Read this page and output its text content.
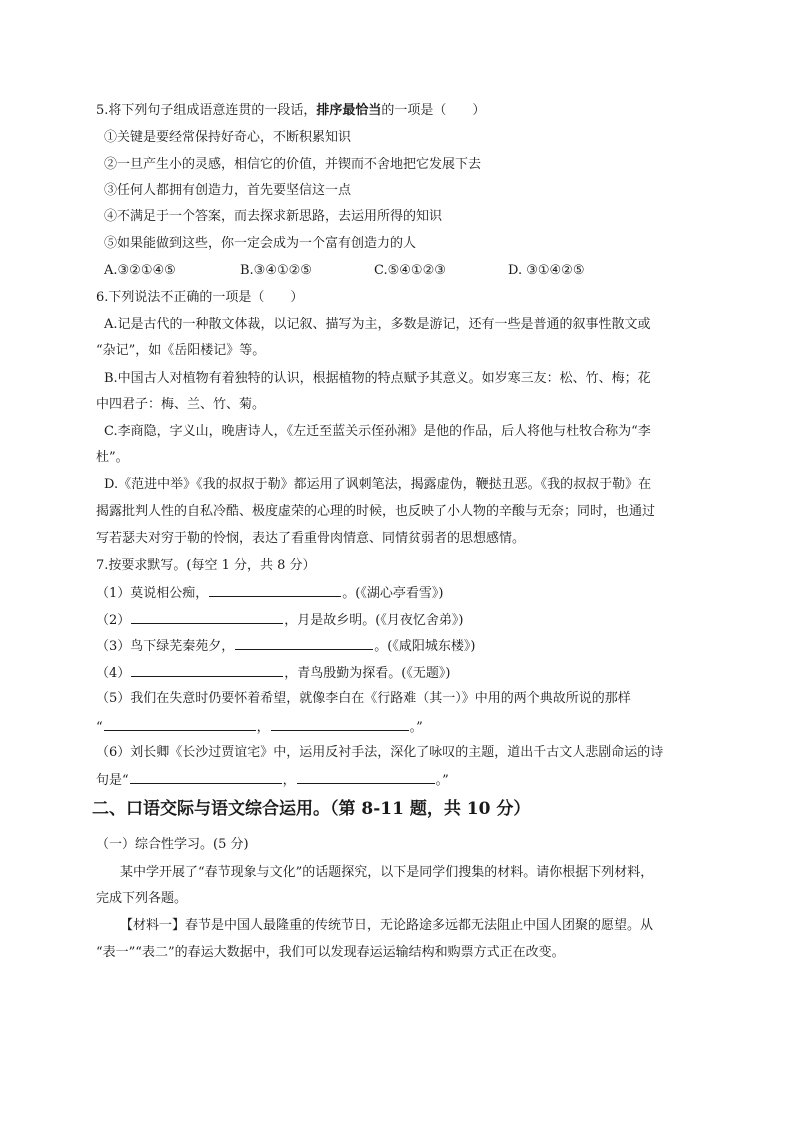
5.将下列句子组成语意连贯的一段话，排序最恰当的一项是（　　）
①关键是要经常保持好奇心，不断积累知识
②一旦产生小的灵感，相信它的价值，并锲而不舍地把它发展下去
③任何人都拥有创造力，首先要坚信这一点
④不满足于一个答案，而去探求新思路，去运用所得的知识
⑤如果能做到这些，你一定会成为一个富有创造力的人
A.③②①④⑤	B.③④①②⑤	C.⑤④①②③	D. ③①④②⑤
6.下列说法不正确的一项是（　　）
A.记是古代的一种散文体裁，以记叙、描写为主，多数是游记，还有一些是普通的叙事性散文或
“杂记”，如《岳阳楼记》等。
B.中国古人对植物有着独特的认识，根据植物的特点赋予其意义。如岁寒三友：松、竹、梅；花
中四君子：梅、兰、竹、菊。
C.李商隐，字义山，晚唐诗人，《左迁至蓝关示侄孙湘》是他的作品，后人将他与杜牧合称为“李
杜”。
D.《范进中举》《我的叔叔于勒》都运用了讽刺笔法，揭露虚伪，鞭挞丑恶。《我的叔叔于勒》在
揭露批判人性的自私冷酷、极度虚荣的心理的时候，也反映了小人物的辛酸与无奈；同时，也通过
写若瑟夫对穷于勒的怜悯，表达了看重骨肉情意、同情贫弱者的思想感情。
7.按要求默写。(每空 1 分，共 8 分）
（1）莫说相公痴，	。(《湖心亭看雪》)
（2）	，月是故乡明。(《月夜忆舍弟》)
（3）鸟下绿芜秦苑夕，	。(《咸阳城东楼》)
（4）	，青鸟殷勤为探看。(《无题》)
（5）我们在失意时仍要怀着希望，就像李白在《行路难（其一）》中用的两个典故所说的那样
“	，	。”
（6）刘长卿《长沙过贾谊宅》中，运用反衬手法，深化了咏叹的主题，道出千古文人悲剧命运的诗
句是“	，	。”
二、口语交际与语文综合运用。（第 8-11 题，共 10 分）
（一）综合性学习。(5 分)
某中学开展了“春节现象与文化”的话题探究，以下是同学们搜集的材料。请你根据下列材料，
完成下列各题。
【材料一】春节是中国人最隆重的传统节日，无论路途多远都无法阻止中国人团聚的愿望。从
“表一”“表二”的春运大数据中，我们可以发现春运运输结构和购票方式正在改变。
